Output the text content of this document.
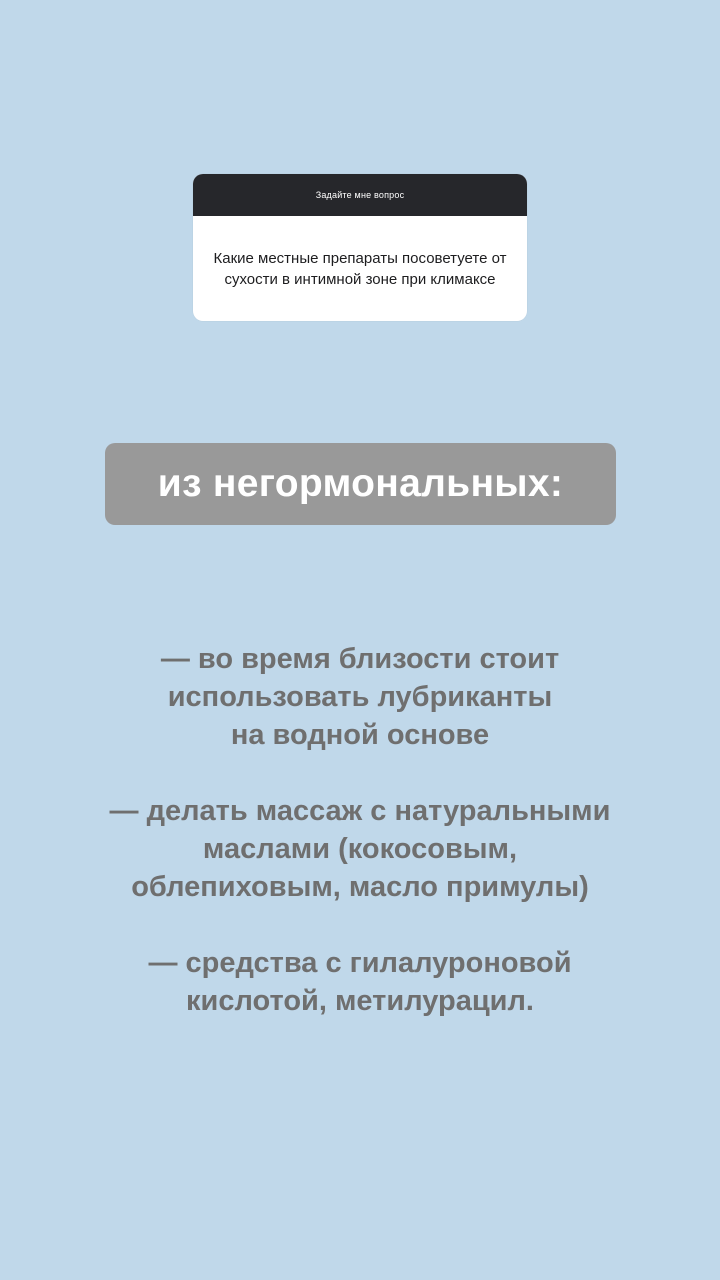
Задайте мне вопрос

Какие местные препараты посоветуете от сухости в интимной зоне при климаксе

из негормональных:

— во время близости стоит
использовать лубриканты
на водной основе

— делать массаж с натуральными
маслами (кокосовым,
облепиховым, масло примулы)

— средства с гилалуроновой
кислотой, метилурацил.
